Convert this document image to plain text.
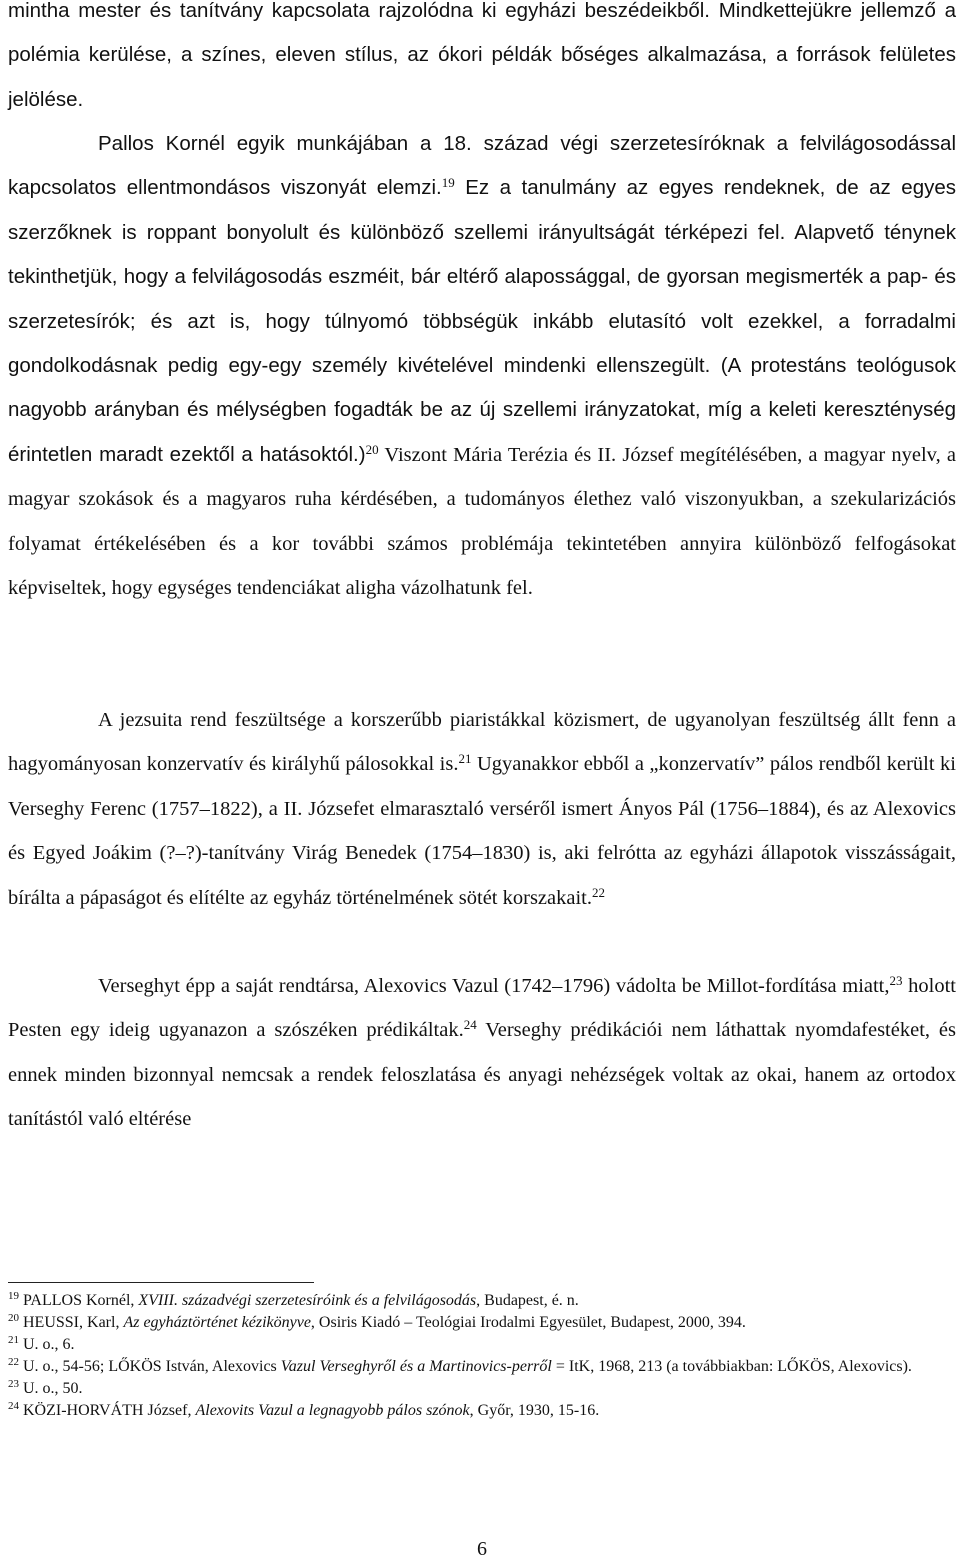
mintha mester és tanítvány kapcsolata rajzolódna ki egyházi beszédeikből. Mindkettejükre jellemző a polémia kerülése, a színes, eleven stílus, az ókori példák bőséges alkalmazása, a források felületes jelölése.

Pallos Kornél egyik munkájában a 18. század végi szerzetesíróknak a felvilágosodással kapcsolatos ellentmondásos viszonyát elemzi.$^{19}$ Ez a tanulmány az egyes rendeknek, de az egyes szerzőknek is roppant bonyolult és különböző szellemi irányultságát térképezi fel. Alapvető ténynek tekinthetjük, hogy a felvilágosodás eszméit, bár eltérő alapossággal, de gyorsan megismerték a pap- és szerzetesírók; és azt is, hogy túlnyomó többségük inkább elutasító volt ezekkel, a forradalmi gondolkodásnak pedig egy-egy személy kivételével mindenki ellenszegült. (A protestáns teológusok nagyobb arányban és mélységben fogadták be az új szellemi irányzatokat, míg a keleti kereszténység érintetlen maradt ezektől a hatásoktól.)$^{20}$ Viszont Mária Terézia és II. József megítélésében, a magyar nyelv, a magyar szokások és a magyaros ruha kérdésében, a tudományos élethez való viszonyukban, a szekularizációs folyamat értékelésében és a kor további számos problémája tekintetében annyira különböző felfogásokat képviseltek, hogy egységes tendenciákat aligha vázolhatunk fel.

A jezsuita rend feszültsége a korszerűbb piaristákkal közismert, de ugyanolyan feszültség állt fenn a hagyományosan konzervatív és királyhű pálosokkal is.$^{21}$ Ugyanakkor ebből a „konzervatív” pálos rendből került ki Verseghy Ferenc (1757–1822), a II. Józsefet elmarasztaló verséről ismert Ányos Pál (1756–1884), és az Alexovics és Egyed Joákim (?–?)-tanítvány Virág Benedek (1754–1830) is, aki felrótta az egyházi állapotok visszásságait, bírálta a pápaságot és elítélte az egyház történelmének sötét korszakait.$^{22}$

Verseghyt épp a saját rendtársa, Alexovics Vazul (1742–1796) vádolta be Millot-fordítása miatt,$^{23}$ holott Pesten egy ideig ugyanazon a szószéken prédikáltak.$^{24}$ Verseghy prédikációi nem láthattak nyomdafestéket, és ennek minden bizonnyal nemcsak a rendek feloszlatása és anyagi nehézségek voltak az okai, hanem az ortodox tanítástól való eltérése

$^{19}$ PALLOS Kornél, XVIII. századvégi szerzetesíróink és a felvilágosodás, Budapest, é. n.

$^{20}$ HEUSSI, Karl, Az egyháztörténet kézikönyve, Osiris Kiadó – Teológiai Irodalmi Egyesület, Budapest, 2000, 394.

$^{21}$ U. o., 6.

$^{22}$ U. o., 54-56; LŐKÖS István, Alexovics Vazul Verseghyről és a Martinovics-perről = ItK, 1968, 213 (a továbbiakban: LŐKÖS, Alexovics).

$^{23}$ U. o., 50.

$^{24}$ KÖZI-HORVÁTH József, Alexovits Vazul a legnagyobb pálos szónok, Győr, 1930, 15-16.

6
